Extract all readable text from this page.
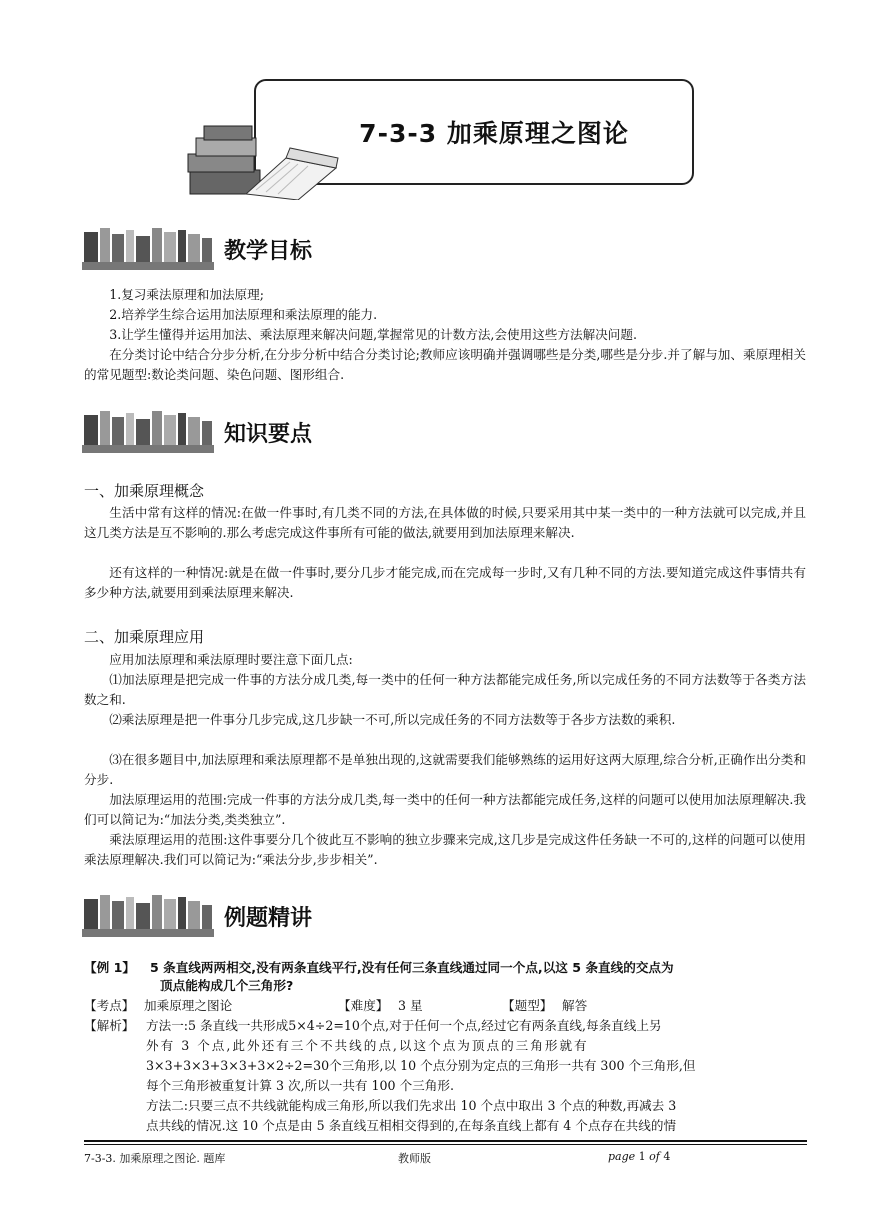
7-3-3 加乘原理之图论
教学目标

1.复习乘法原理和加法原理;

2.培养学生综合运用加法原理和乘法原理的能力.

3.让学生懂得并运用加法、乘法原理来解决问题,掌握常见的计数方法,会使用这些方法解决问题.

在分类讨论中结合分步分析,在分步分析中结合分类讨论;教师应该明确并强调哪些是分类,哪些是分步.并了解与加、乘原理相关的常见题型:数论类问题、染色问题、图形组合.

知识要点
一、加乘原理概念

生活中常有这样的情况:在做一件事时,有几类不同的方法,在具体做的时候,只要采用其中某一类中的一种方法就可以完成,并且这几类方法是互不影响的.那么考虑完成这件事所有可能的做法,就要用到加法原理来解决.

还有这样的一种情况:就是在做一件事时,要分几步才能完成,而在完成每一步时,又有几种不同的方法.要知道完成这件事情共有多少种方法,就要用到乘法原理来解决.

二、加乘原理应用

应用加法原理和乘法原理时要注意下面几点:

⑴加法原理是把完成一件事的方法分成几类,每一类中的任何一种方法都能完成任务,所以完成任务的不同方法数等于各类方法数之和.

⑵乘法原理是把一件事分几步完成,这几步缺一不可,所以完成任务的不同方法数等于各步方法数的乘积.

⑶在很多题目中,加法原理和乘法原理都不是单独出现的,这就需要我们能够熟练的运用好这两大原理,综合分析,正确作出分类和分步.

加法原理运用的范围:完成一件事的方法分成几类,每一类中的任何一种方法都能完成任务,这样的问题可以使用加法原理解决.我们可以简记为:“加法分类,类类独立”.

乘法原理运用的范围:这件事要分几个彼此互不影响的独立步骤来完成,这几步是完成这件任务缺一不可的,这样的问题可以使用乘法原理解决.我们可以简记为:“乘法分步,步步相关”.

例题精讲
【例 1】 5 条直线两两相交,没有两条直线平行,没有任何三条直线通过同一个点,以这 5 条直线的交点为
顶点能构成几个三角形?
【考点】 加乘原理之图论	【难度】 3 星	【题型】 解答
【解析】 方法一:5 条直线一共形成5×4÷2=10个点,对于任何一个点,经过它有两条直线,每条直线上另
外有 3 个点,此外还有三个不共线的点,以这个点为顶点的三角形就有
3×3+3×3+3×3+3×2÷2=30个三角形,以 10 个点分别为定点的三角形一共有 300 个三角形,但
每个三角形被重复计算 3 次,所以一共有 100 个三角形.
方法二:只要三点不共线就能构成三角形,所以我们先求出 10 个点中取出 3 个点的种数,再减去 3
点共线的情况.这 10 个点是由 5 条直线互相相交得到的,在每条直线上都有 4 个点存在共线的情
7-3-3. 加乘原理之图论. 题库	教师版	page 1 of 4
